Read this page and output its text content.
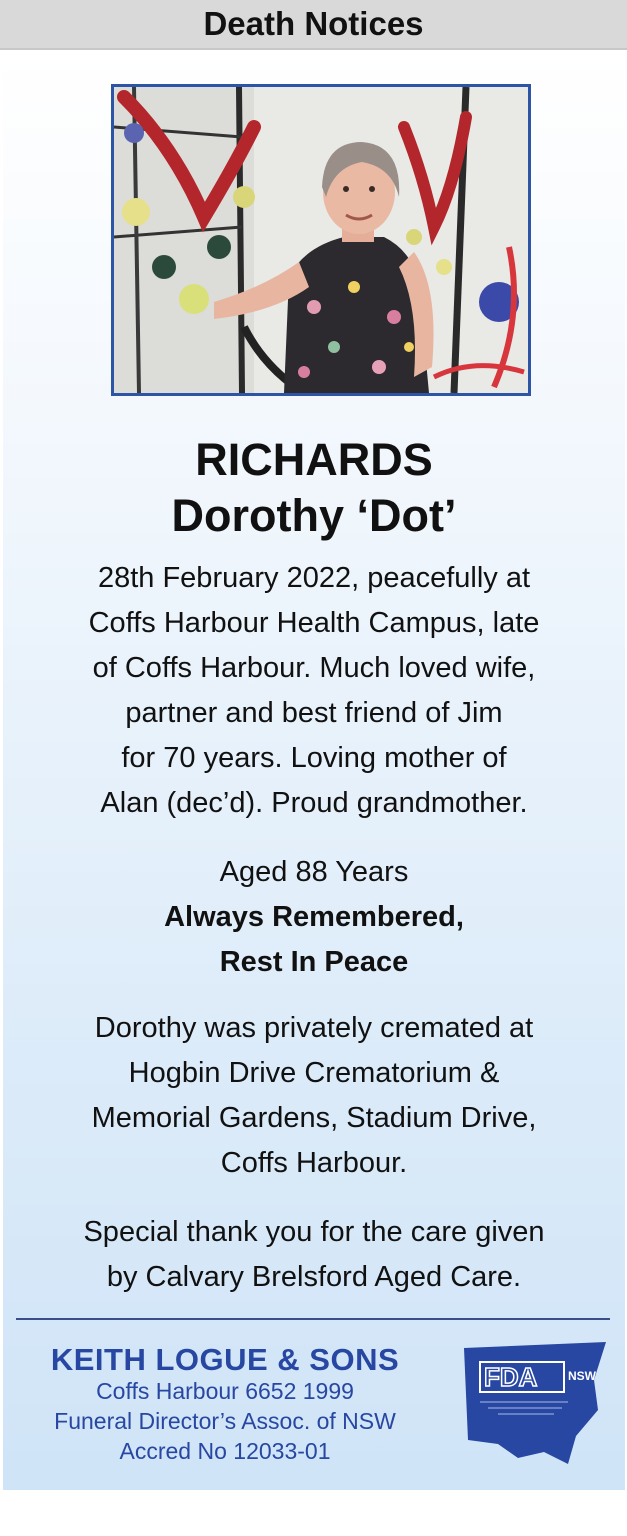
Death Notices
RICHARDS
Dorothy ‘Dot’
28th February 2022, peacefully at
Coffs Harbour Health Campus, late
of Coffs Harbour. Much loved wife,
partner and best friend of Jim
for 70 years. Loving mother of
Alan (dec’d). Proud grandmother.
Aged 88 Years
Always Remembered,
Rest In Peace
Dorothy was privately cremated at
Hogbin Drive Crematorium &
Memorial Gardens, Stadium Drive,
Coffs Harbour.
Special thank you for the care given
by Calvary Brelsford Aged Care.
KEITH LOGUE & SONS
Coffs Harbour 6652 1999
Funeral Director’s Assoc. of NSW
Accred No 12033-01
FDA	NSW
